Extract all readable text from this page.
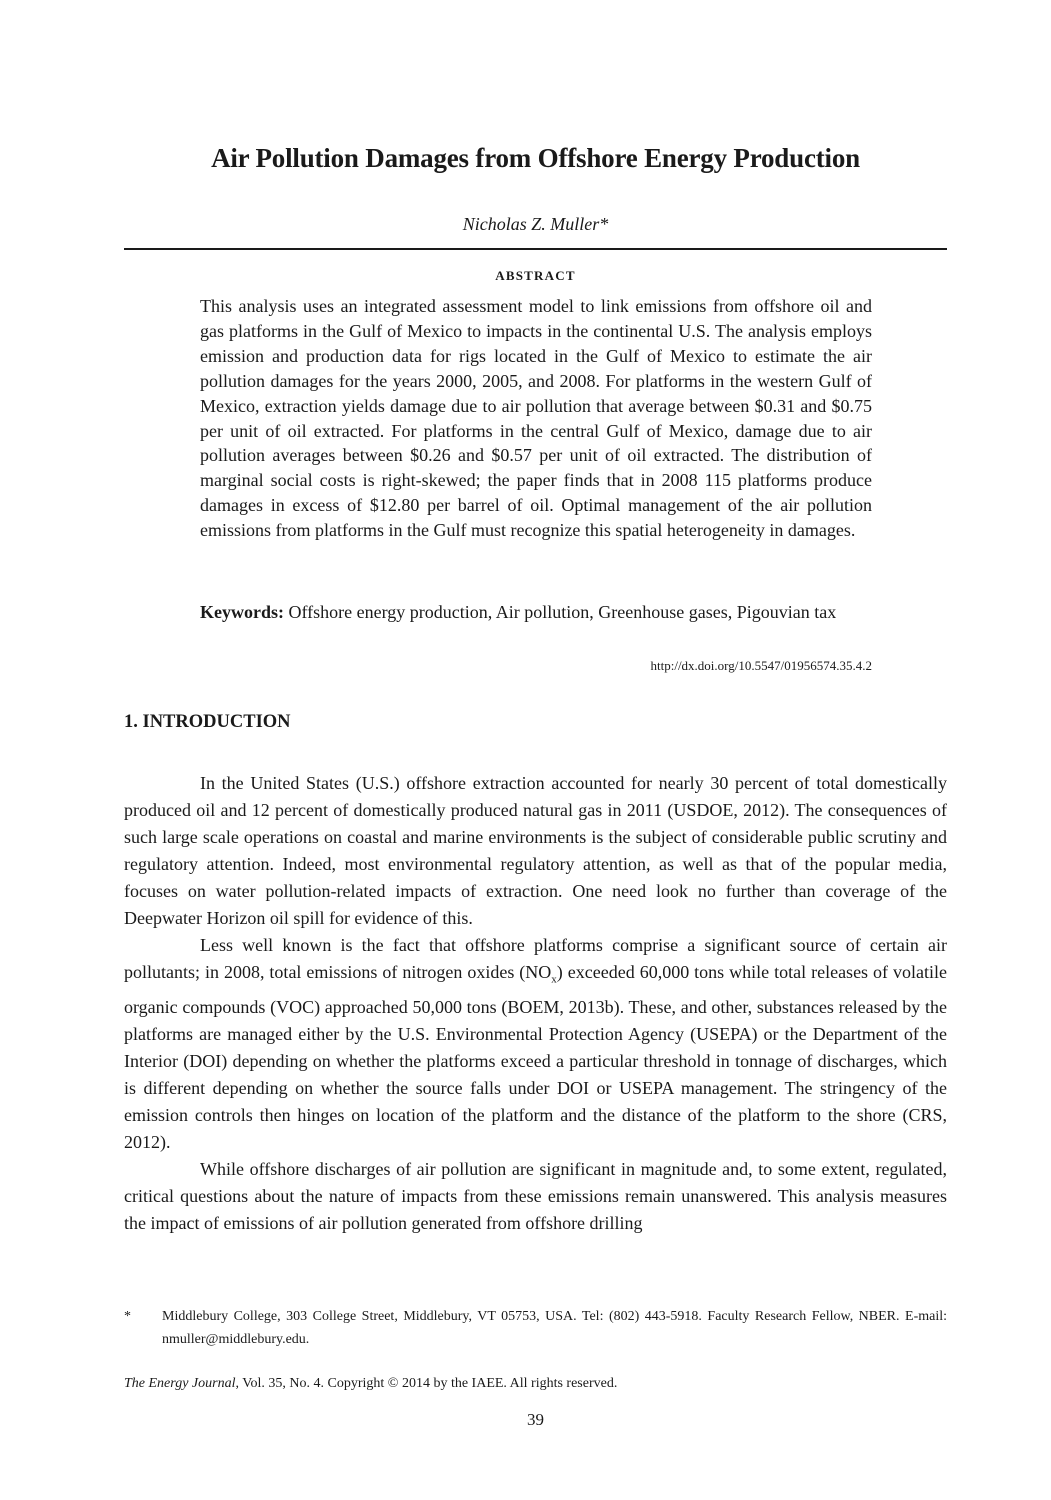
Air Pollution Damages from Offshore Energy Production
Nicholas Z. Muller*
ABSTRACT

This analysis uses an integrated assessment model to link emissions from offshore oil and gas platforms in the Gulf of Mexico to impacts in the continental U.S. The analysis employs emission and production data for rigs located in the Gulf of Mexico to estimate the air pollution damages for the years 2000, 2005, and 2008. For platforms in the western Gulf of Mexico, extraction yields damage due to air pollution that average between $0.31 and $0.75 per unit of oil extracted. For platforms in the central Gulf of Mexico, damage due to air pollution averages between $0.26 and $0.57 per unit of oil extracted. The distribution of marginal social costs is right-skewed; the paper finds that in 2008 115 platforms produce damages in excess of $12.80 per barrel of oil. Optimal management of the air pollution emissions from platforms in the Gulf must recognize this spatial heterogeneity in damages.

Keywords: Offshore energy production, Air pollution, Greenhouse gases, Pigouvian tax

http://dx.doi.org/10.5547/01956574.35.4.2
1. INTRODUCTION

In the United States (U.S.) offshore extraction accounted for nearly 30 percent of total domestically produced oil and 12 percent of domestically produced natural gas in 2011 (USDOE, 2012). The consequences of such large scale operations on coastal and marine environments is the subject of considerable public scrutiny and regulatory attention. Indeed, most environmental regulatory attention, as well as that of the popular media, focuses on water pollution-related impacts of extraction. One need look no further than coverage of the Deepwater Horizon oil spill for evidence of this.

Less well known is the fact that offshore platforms comprise a significant source of certain air pollutants; in 2008, total emissions of nitrogen oxides $(NO_x)$ exceeded 60,000 tons while total releases of volatile organic compounds (VOC) approached 50,000 tons (BOEM, 2013b). These, and other, substances released by the platforms are managed either by the U.S. Environmental Protection Agency (USEPA) or the Department of the Interior (DOI) depending on whether the platforms exceed a particular threshold in tonnage of discharges, which is different depending on whether the source falls under DOI or USEPA management. The stringency of the emission controls then hinges on location of the platform and the distance of the platform to the shore (CRS, 2012).

While offshore discharges of air pollution are significant in magnitude and, to some extent, regulated, critical questions about the nature of impacts from these emissions remain unanswered. This analysis measures the impact of emissions of air pollution generated from offshore drilling

* Middlebury College, 303 College Street, Middlebury, VT 05753, USA. Tel: (802) 443-5918. Faculty Research Fellow, NBER. E-mail: nmuller@middlebury.edu.
The Energy Journal, Vol. 35, No. 4. Copyright © 2014 by the IAEE. All rights reserved.
39
